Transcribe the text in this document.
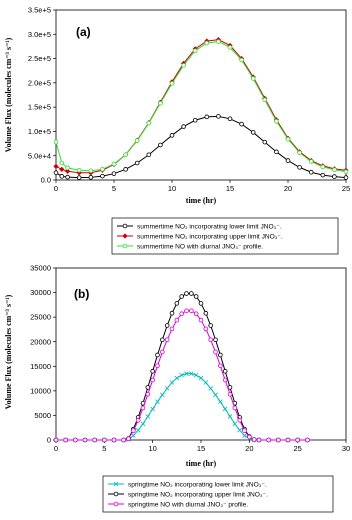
(a)
time (hr)
Volume Flux (molecules cm⁻³ s⁻¹)
0	5	10	15	20	25
0.0
5.0e+4
1.0e+5
1.5e+5
2.0e+5
2.5e+5
3.0e+5
3.5e+5
summertime NO₂ incorporating lower limit JNO₃⁻.
summertime NO₂ incorporating upper limit JNO₃⁻.
summertime NO with diurnal JNO₃⁻ profile.
(b)
time (hr)
Volume Flux (molecules cm⁻³ s⁻¹)
0	5	10	15	20	25	30
0
5000
10000
15000
20000
25000
30000
35000
springtime NO₂ incorporating lower limit JNO₃⁻.
springtime NO₂ incorporating upper limit JNO₃⁻.
springtime NO with diurnal JNO₃⁻ profile.
